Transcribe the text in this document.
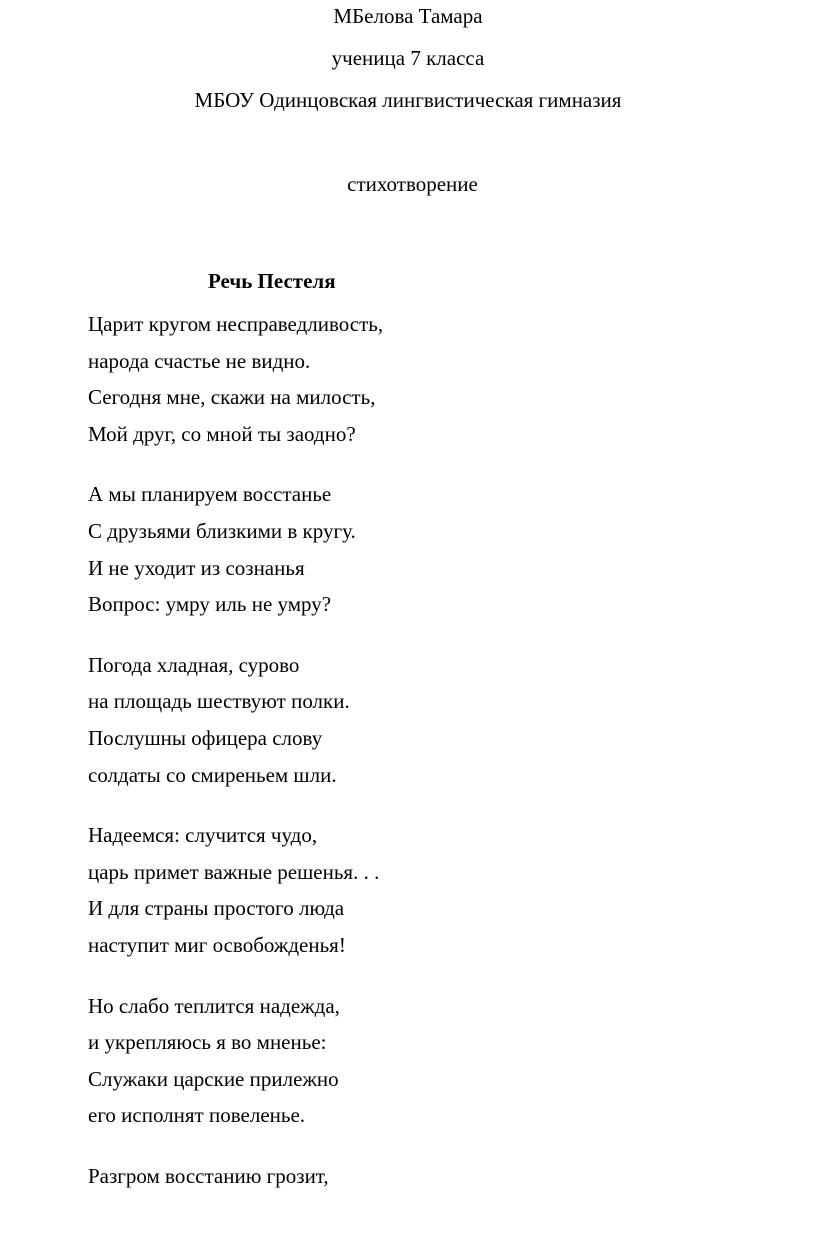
МБелова Тамара
ученица 7 класса
МБОУ Одинцовская лингвистическая гимназия
стихотворение
Речь Пестеля
Царит кругом несправедливость,
народа счастье не видно.
Сегодня мне, скажи на милость,
Мой друг, со мной ты заодно?
А мы планируем восстанье
С друзьями близкими в кругу.
И не уходит из сознанья
Вопрос: умру иль не умру?
Погода хладная, сурово
на площадь шествуют полки.
Послушны офицера слову
солдаты со смиреньем шли.
Надеемся: случится чудо,
царь примет важные решенья. . .
И для страны простого люда
наступит миг освобожденья!
Но слабо теплится надежда,
и укрепляюсь я во мненье:
Служаки царские прилежно
его исполнят повеленье.
Разгром восстанию грозит,
